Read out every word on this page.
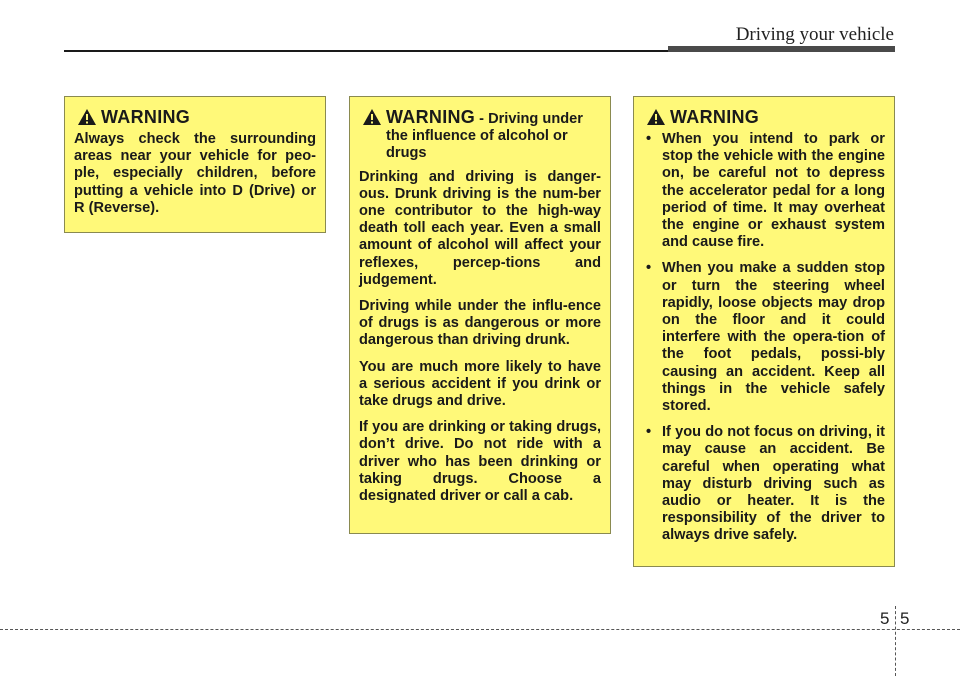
Driving your vehicle
WARNING

Always check the surrounding areas near your vehicle for peo-ple, especially children, before putting a vehicle into D (Drive) or R (Reverse).

WARNING - Driving under
the influence of alcohol or drugs

Drinking and driving is danger-ous. Drunk driving is the num-ber one contributor to the high-way death toll each year. Even a small amount of alcohol will affect your reflexes, percep-tions and judgement.

Driving while under the influ-ence of drugs is as dangerous or more dangerous than driving drunk.

You are much more likely to have a serious accident if you drink or take drugs and drive.

If you are drinking or taking drugs, don’t drive. Do not ride with a driver who has been drinking or taking drugs. Choose a designated driver or call a cab.

WARNING
• When you intend to park or stop the vehicle with the engine on, be careful not to depress the accelerator pedal for a long period of time. It may overheat the engine or exhaust system and cause fire.
• When you make a sudden stop or turn the steering wheel rapidly, loose objects may drop on the floor and it could interfere with the opera-tion of the foot pedals, possi-bly causing an accident. Keep all things in the vehicle safely stored.
• If you do not focus on driving, it may cause an accident. Be careful when operating what may disturb driving such as audio or heater. It is the responsibility of the driver to always drive safely.
5 5
